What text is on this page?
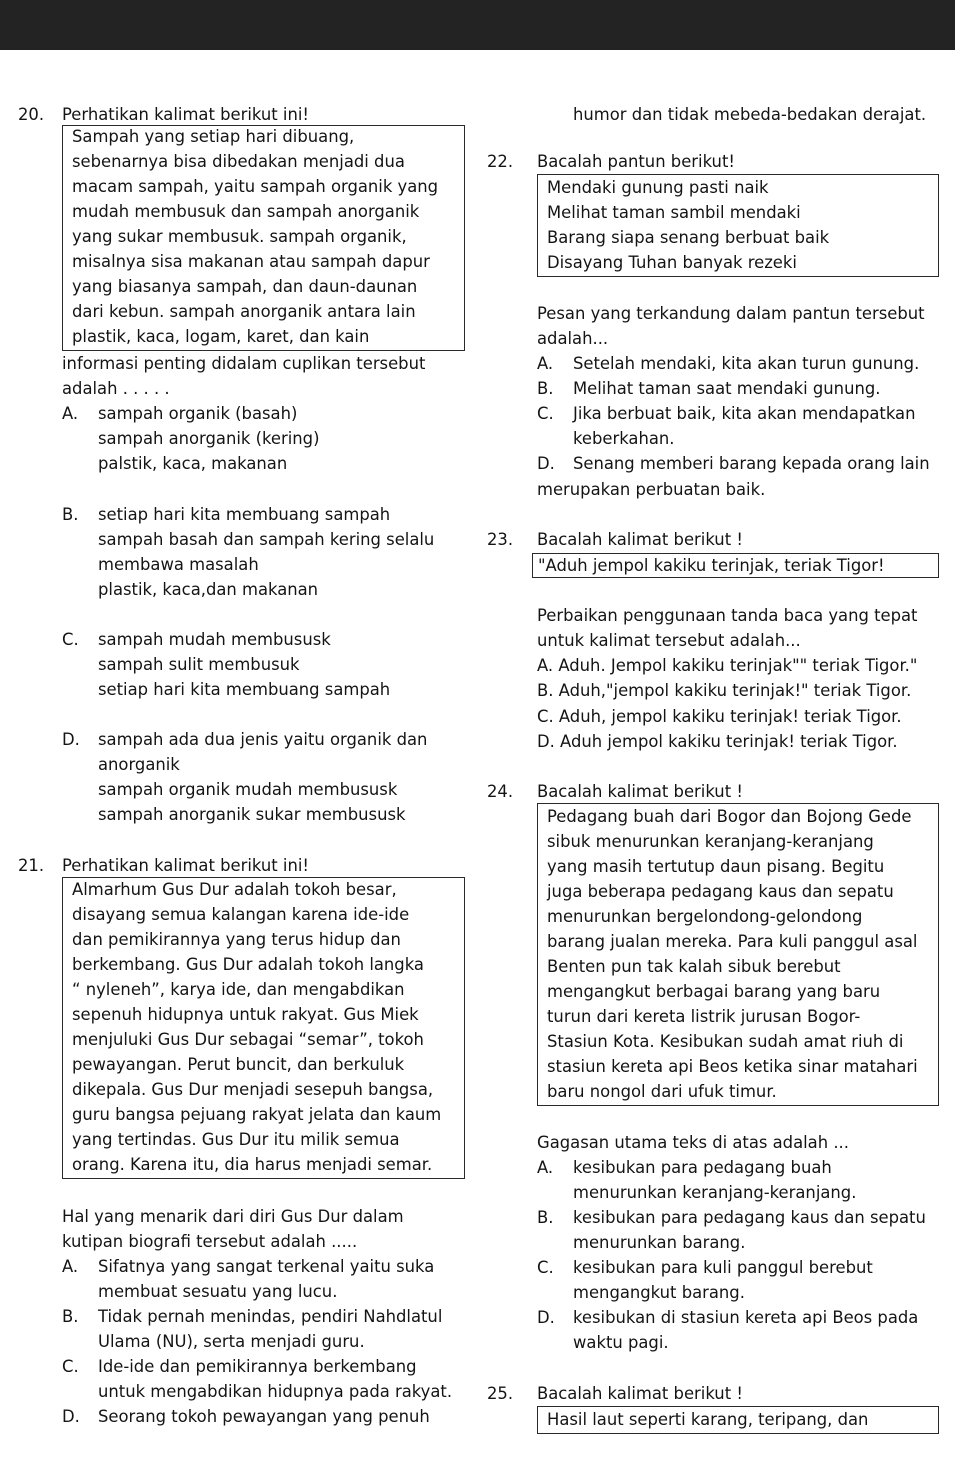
20. Perhatikan kalimat berikut ini!
Sampah yang setiap hari dibuang,
sebenarnya bisa dibedakan menjadi dua
macam sampah, yaitu sampah organik yang
mudah membusuk dan sampah anorganik
yang sukar membusuk. sampah organik,
misalnya sisa makanan atau sampah dapur
yang biasanya sampah, dan daun-daunan
dari kebun. sampah anorganik antara lain
plastik, kaca, logam, karet, dan kain
informasi penting didalam cuplikan tersebut
adalah . . . . .
A. sampah organik (basah)
sampah anorganik (kering)
palstik, kaca, makanan
B. setiap hari kita membuang sampah
sampah basah dan sampah kering selalu
membawa masalah
plastik, kaca,dan makanan
C. sampah mudah membususk
sampah sulit membusuk
setiap hari kita membuang sampah
D. sampah ada dua jenis yaitu organik dan
anorganik
sampah organik mudah membususk
sampah anorganik sukar membususk
21. Perhatikan kalimat berikut ini!
Almarhum Gus Dur adalah tokoh besar,
disayang semua kalangan karena ide-ide
dan pemikirannya yang terus hidup dan
berkembang. Gus Dur adalah tokoh langka
“ nyleneh”, karya ide, dan mengabdikan
sepenuh hidupnya untuk rakyat. Gus Miek
menjuluki Gus Dur sebagai “semar”, tokoh
pewayangan. Perut buncit, dan berkuluk
dikepala. Gus Dur menjadi sesepuh bangsa,
guru bangsa pejuang rakyat jelata dan kaum
yang tertindas. Gus Dur itu milik semua
orang. Karena itu, dia harus menjadi semar.
Hal yang menarik dari diri Gus Dur dalam
kutipan biografi tersebut adalah .....
A. Sifatnya yang sangat terkenal yaitu suka
membuat sesuatu yang lucu.
B. Tidak pernah menindas, pendiri Nahdlatul
Ulama (NU), serta menjadi guru.
C. Ide-ide dan pemikirannya berkembang
untuk mengabdikan hidupnya pada rakyat.
D. Seorang tokoh pewayangan yang penuh
humor dan tidak mebeda-bedakan derajat.
22. Bacalah pantun berikut!
Mendaki gunung pasti naik
Melihat taman sambil mendaki
Barang siapa senang berbuat baik
Disayang Tuhan banyak rezeki
Pesan yang terkandung dalam pantun tersebut
adalah...
A. Setelah mendaki, kita akan turun gunung.
B. Melihat taman saat mendaki gunung.
C. Jika berbuat baik, kita akan mendapatkan
keberkahan.
D. Senang memberi barang kepada orang lain
merupakan perbuatan baik.
23. Bacalah kalimat berikut !
"Aduh jempol kakiku terinjak, teriak Tigor!
Perbaikan penggunaan tanda baca yang tepat
untuk kalimat tersebut adalah...
A. Aduh. Jempol kakiku terinjak"" teriak Tigor."
B. Aduh,"jempol kakiku terinjak!" teriak Tigor.
C. Aduh, jempol kakiku terinjak! teriak Tigor.
D. Aduh jempol kakiku terinjak! teriak Tigor.
24. Bacalah kalimat berikut !
Pedagang buah dari Bogor dan Bojong Gede
sibuk menurunkan keranjang-keranjang
yang masih tertutup daun pisang. Begitu
juga beberapa pedagang kaus dan sepatu
menurunkan bergelondong-gelondong
barang jualan mereka. Para kuli panggul asal
Benten pun tak kalah sibuk berebut
mengangkut berbagai barang yang baru
turun dari kereta listrik jurusan Bogor-
Stasiun Kota. Kesibukan sudah amat riuh di
stasiun kereta api Beos ketika sinar matahari
baru nongol dari ufuk timur.
Gagasan utama teks di atas adalah ...
A. kesibukan para pedagang buah
menurunkan keranjang-keranjang.
B. kesibukan para pedagang kaus dan sepatu
menurunkan barang.
C. kesibukan para kuli panggul berebut
mengangkut barang.
D. kesibukan di stasiun kereta api Beos pada
waktu pagi.
25. Bacalah kalimat berikut !
Hasil laut seperti karang, teripang, dan
